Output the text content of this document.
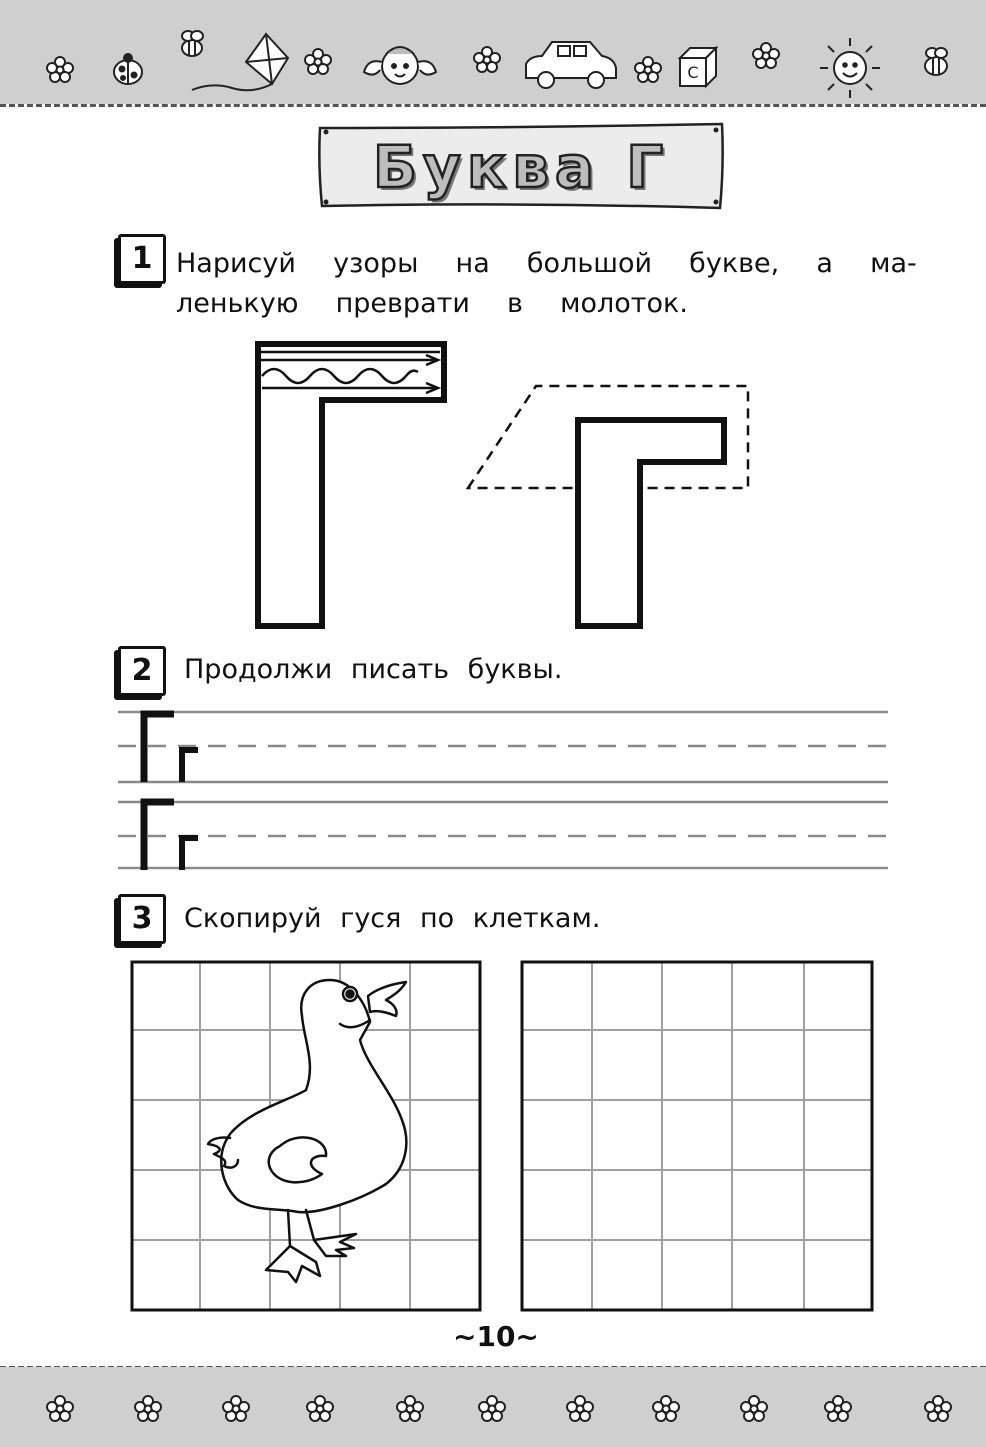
C
Буква Г
1 Нарисуй  узоры  на  большой  букве,  а  ма-
ленькую  преврати  в  молоток.
2	Продолжи писать буквы.
3	Скопируй гуся по клеткам.
~10~
